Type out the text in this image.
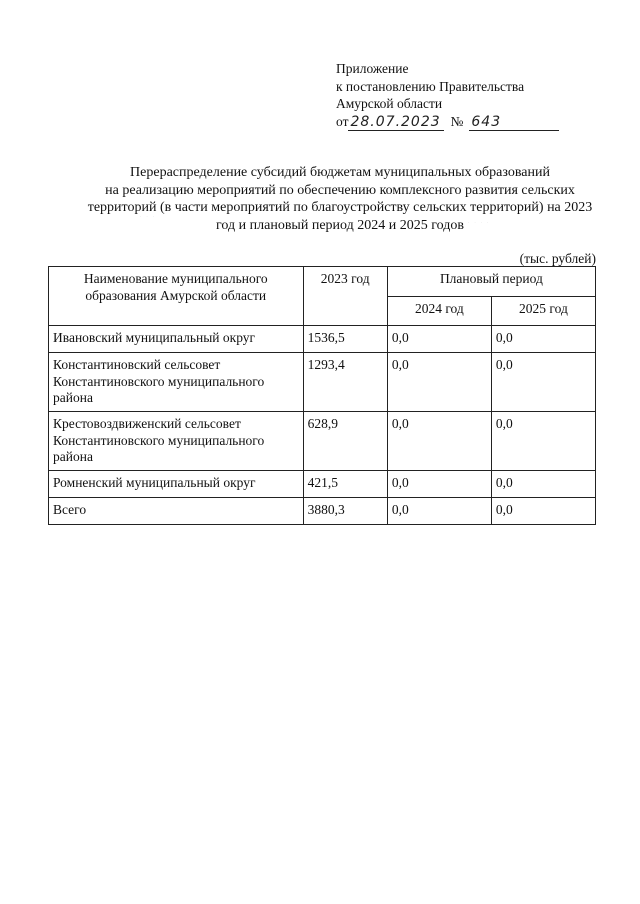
Приложение
к постановлению Правительства
Амурской области
от 28.07.2023 № 643
Перераспределение субсидий бюджетам муниципальных образований
на реализацию мероприятий по обеспечению комплексного развития сельских
территорий (в части мероприятий по благоустройству сельских территорий) на 2023
год и плановый период 2024 и 2025 годов
· · ·
· · · ·
(тыс. рублей)
Наименование муниципального образования Амурской области	2023 год	Плановый период	
		2024 год	2025 год
Ивановский муниципальный округ	1536,5	0,0	0,0
Константиновский сельсовет Константиновского муниципального района	1293,4	0,0	0,0
Крестовоздвиженский сельсовет Константиновского муниципального района	628,9	0,0	0,0
Ромненский муниципальный округ	421,5	0,0	0,0
Всего	3880,3	0,0	0,0
